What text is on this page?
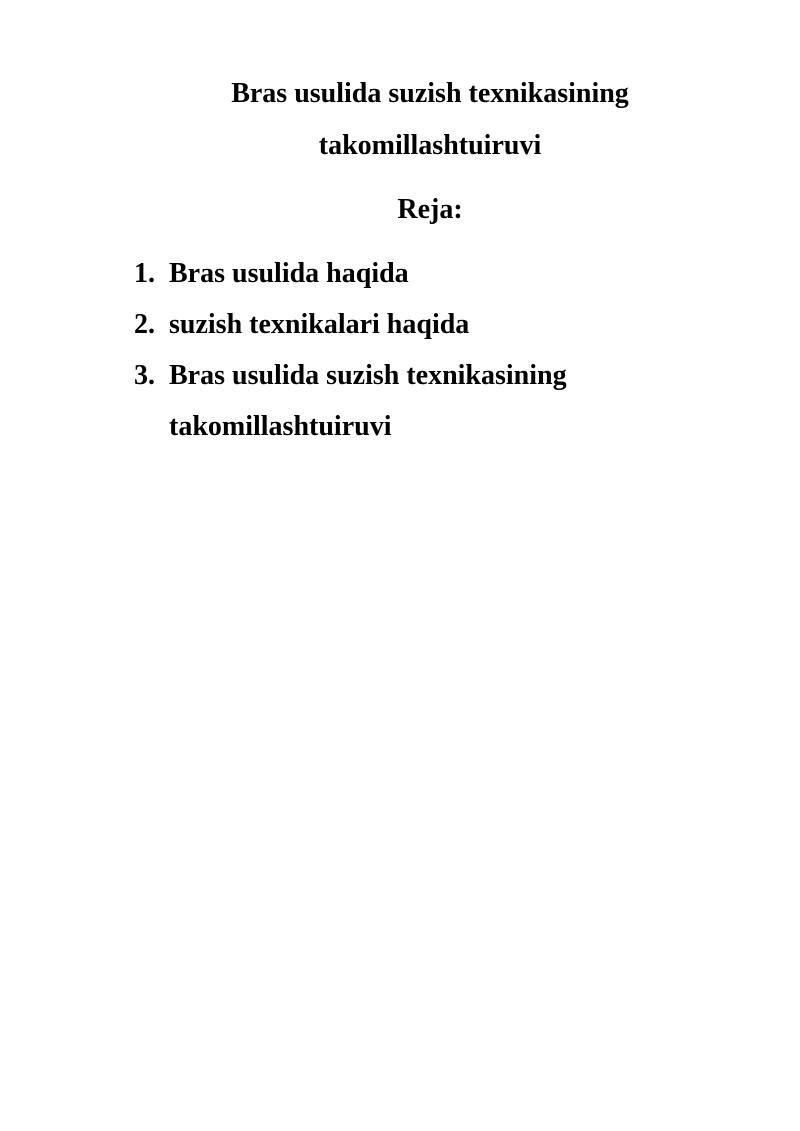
Bras usulida suzish texnikasining
takomillashtuiruvi
Reja:
1. Bras usulida haqida
2. suzish texnikalari haqida
3. Bras usulida suzish texnikasining takomillashtuiruvi
